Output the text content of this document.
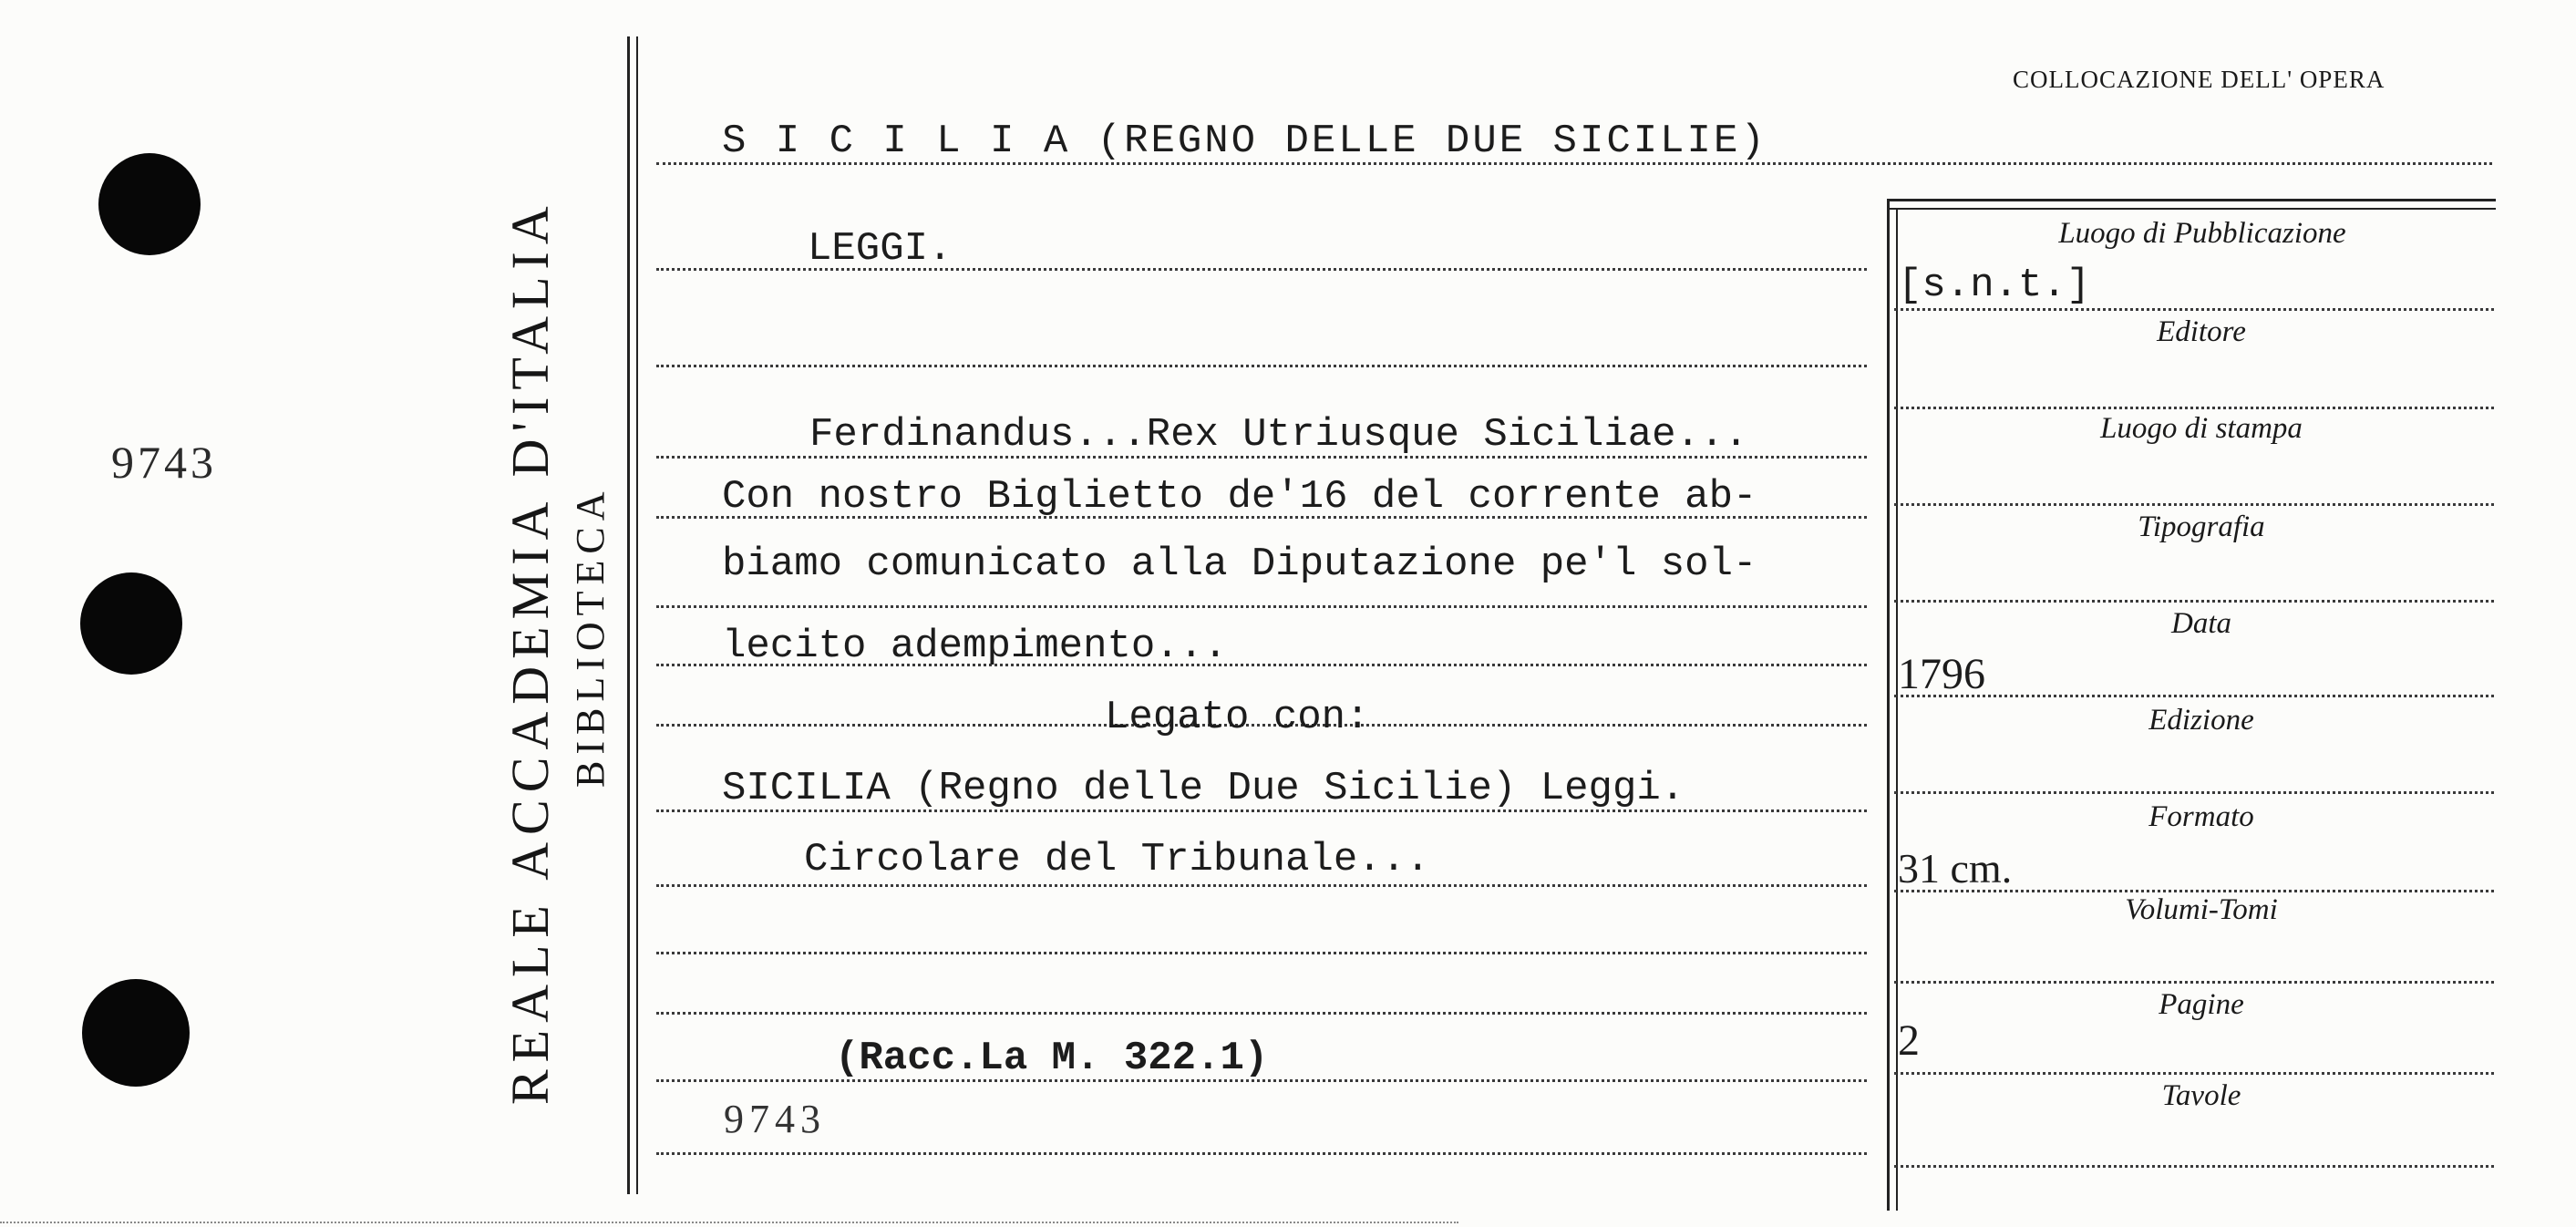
9743	REALE ACCADEMIA D'ITALIA BIBLIOTECA
COLLOCAZIONE DELL' OPERA
S I C I L I A (REGNO DELLE DUE SICILIE)
LEGGI.
Ferdinandus...Rex Utriusque Siciliae...
Con nostro Biglietto de'16 del corrente ab-
biamo comunicato alla Diputazione pe'l sol-
lecito adempimento...
Legato con:
SICILIA (Regno delle Due Sicilie) Leggi.
Circolare del Tribunale...
(Racc.La M. 322.1)
9743
Luogo di Pubblicazione
[s.n.t.]
Editore
Luogo di stampa
Tipografia
Data
1796
Edizione
Formato
31 cm.
Volumi-Tomi
Pagine
2
Tavole
